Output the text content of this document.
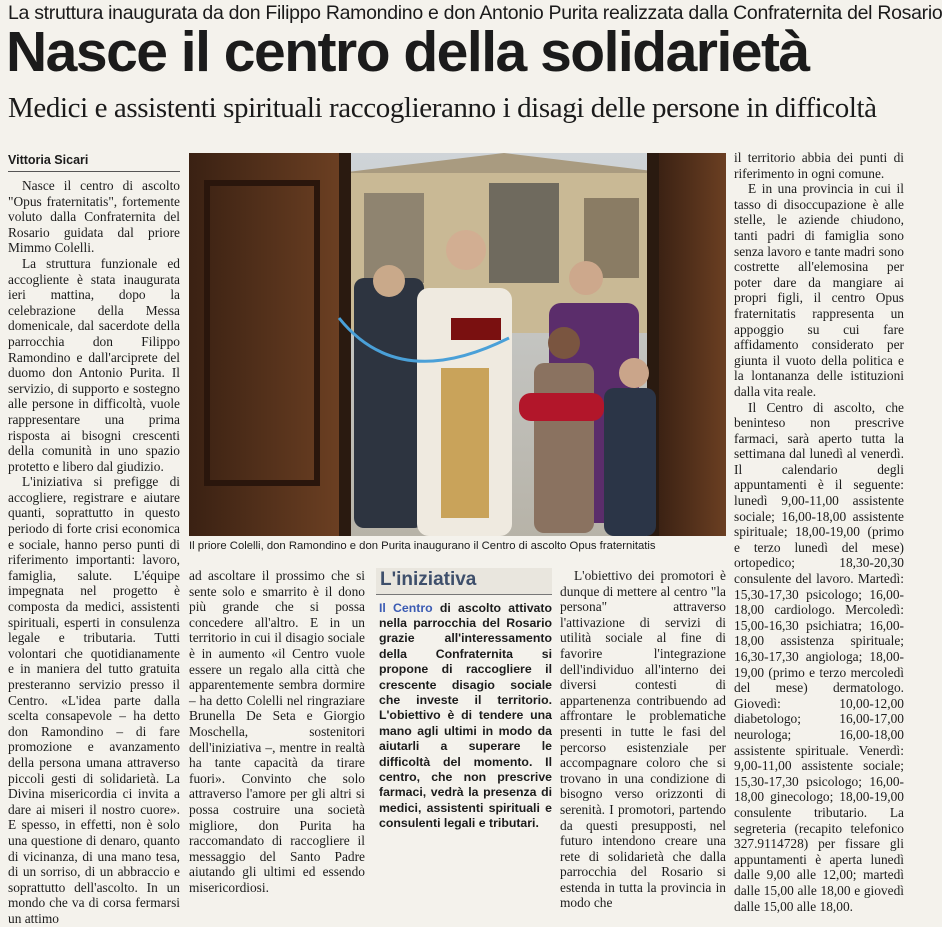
La struttura inaugurata da don Filippo Ramondino e don Antonio Purita realizzata dalla Confraternita del Rosario
Nasce il centro della solidarietà
Medici e assistenti spirituali raccoglieranno i disagi delle persone in difficoltà
Vittoria Sicari

Nasce il centro di ascolto "Opus fraternitatis", fortemente voluto dalla Confraternita del Rosario guidata dal priore Mimmo Colelli.

La struttura funzionale ed accogliente è stata inaugurata ieri mattina, dopo la celebrazione della Messa domenicale, dal sacerdote della parrocchia don Filippo Ramondino e dall'arciprete del duomo don Antonio Purita. Il servizio, di supporto e sostegno alle persone in difficoltà, vuole rappresentare una prima risposta ai bisogni crescenti della comunità in uno spazio protetto e libero dal giudizio.

L'iniziativa si prefigge di accogliere, registrare e aiutare quanti, soprattutto in questo periodo di forte crisi economica e sociale, hanno perso punti di riferimento importanti: lavoro, famiglia, salute. L'équipe impegnata nel progetto è composta da medici, assistenti spirituali, esperti in consulenza legale e tributaria. Tutti volontari che quotidianamente e in maniera del tutto gratuita presteranno servizio presso il Centro. «L'idea parte dalla scelta consapevole – ha detto don Ramondino – di fare promozione e avanzamento della persona umana attraverso piccoli gesti di solidarietà. La Divina misericordia ci invita a dare ai miseri il nostro cuore». E spesso, in effetti, non è solo una questione di denaro, quanto di vicinanza, di una mano tesa, di un sorriso, di un abbraccio e soprattutto dell'ascolto. In un mondo che va di corsa fermarsi un attimo

Il priore Colelli, don Ramondino e don Purita inaugurano il Centro di ascolto Opus fraternitatis

ad ascoltare il prossimo che si sente solo e smarrito è il dono più grande che si possa concedere all'altro. E in un territorio in cui il disagio sociale è in aumento «il Centro vuole essere un regalo alla città che apparentemente sembra dormire – ha detto Colelli nel ringraziare Brunella De Seta e Giorgio Moschella, sostenitori dell'iniziativa –, mentre in realtà ha tante capacità da tirare fuori». Convinto che solo attraverso l'amore per gli altri si possa costruire una società migliore, don Purita ha raccomandato di raccogliere il messaggio del Santo Padre aiutando gli ultimi ed essendo misericordiosi.

L'iniziativa
Il Centro di ascolto attivato nella parrocchia del Rosario grazie all'interessamento della Confraternita si propone di raccogliere il crescente disagio sociale che investe il territorio. L'obiettivo è di tendere una mano agli ultimi in modo da aiutarli a superare le difficoltà del momento. Il centro, che non prescrive farmaci, vedrà la presenza di medici, assistenti spirituali e consulenti legali e tributari.

L'obiettivo dei promotori è dunque di mettere al centro "la persona" attraverso l'attivazione di servizi di utilità sociale al fine di favorire l'integrazione dell'individuo all'interno dei diversi contesti di appartenenza contribuendo ad affrontare le problematiche presenti in tutte le fasi del percorso esistenziale per accompagnare coloro che si trovano in una condizione di bisogno verso orizzonti di serenità. I promotori, partendo da questi presupposti, nel futuro intendono creare una rete di solidarietà che dalla parrocchia del Rosario si estenda in tutta la provincia in modo che

il territorio abbia dei punti di riferimento in ogni comune.

E in una provincia in cui il tasso di disoccupazione è alle stelle, le aziende chiudono, tanti padri di famiglia sono senza lavoro e tante madri sono costrette all'elemosina per poter dare da mangiare ai propri figli, il centro Opus fraternitatis rappresenta un appoggio su cui fare affidamento considerato per giunta il vuoto della politica e la lontananza delle istituzioni dalla vita reale.

Il Centro di ascolto, che beninteso non prescrive farmaci, sarà aperto tutta la settimana dal lunedì al venerdì. Il calendario degli appuntamenti è il seguente: lunedì 9,00-11,00 assistente sociale; 16,00-18,00 assistente spirituale; 18,00-19,00 (primo e terzo lunedì del mese) ortopedico; 18,30-20,30 consulente del lavoro. Martedì: 15,30-17,30 psicologo; 16,00-18,00 cardiologo. Mercoledì: 15,00-16,30 psichiatra; 16,00-18,00 assistenza spirituale; 16,30-17,30 angiologa; 18,00-19,00 (primo e terzo mercoledì del mese) dermatologo. Giovedì: 10,00-12,00 diabetologo; 16,00-17,00 neurologa; 16,00-18,00 assistente spirituale. Venerdì: 9,00-11,00 assistente sociale; 15,30-17,30 psicologo; 16,00-18,00 ginecologo; 18,00-19,00 consulente tributario. La segreteria (recapito telefonico 327.9114728) per fissare gli appuntamenti è aperta lunedì dalle 9,00 alle 12,00; martedì dalle 15,00 alle 18,00 e giovedì dalle 15,00 alle 18,00.
